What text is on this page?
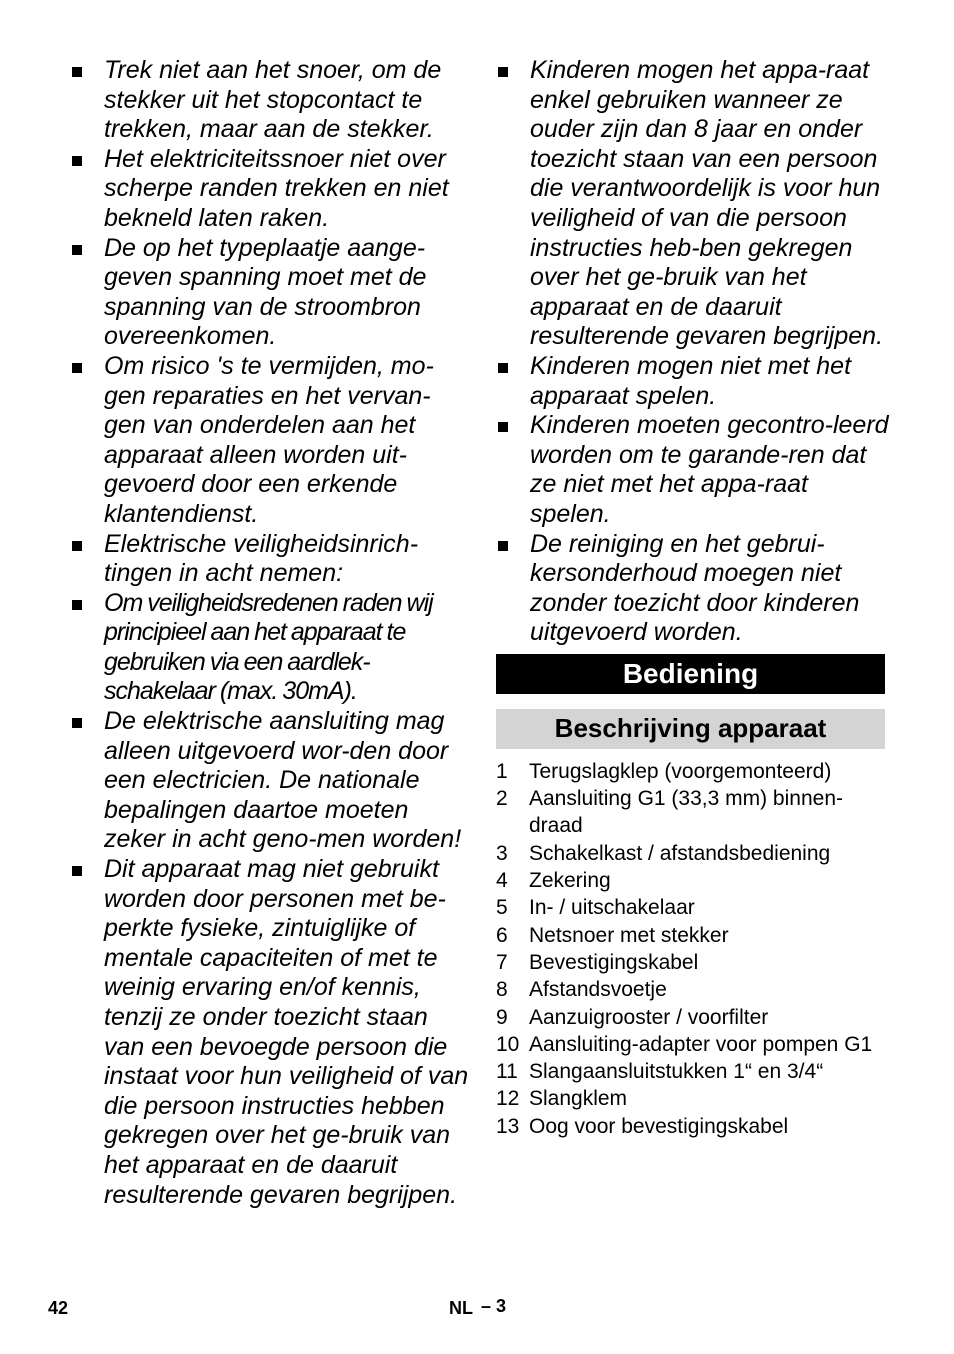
Trek niet aan het snoer, om de stekker uit het stopcontact te trekken, maar aan de stekker.
Het elektriciteitssnoer niet over scherpe randen trekken en niet bekneld laten raken.
De op het typeplaatje aange-geven spanning moet met de spanning van de stroombron overeenkomen.
Om risico 's te vermijden, mo-gen reparaties en het vervan-gen van onderdelen aan het apparaat alleen worden uit-gevoerd door een erkende klantendienst.
Elektrische veiligheidsinrich-tingen in acht nemen:
Om veiligheidsredenen raden wij principieel aan het apparaat te gebruiken via een aardlek-schakelaar (max. 30mA).
De elektrische aansluiting mag alleen uitgevoerd wor-den door een electricien. De nationale bepalingen daartoe moeten zeker in acht geno-men worden!
Dit apparaat mag niet gebruikt worden door personen met be-perkte fysieke, zintuiglijke of mentale capaciteiten of met te weinig ervaring en/of kennis, tenzij ze onder toezicht staan van een bevoegde persoon die instaat voor hun veiligheid of van die persoon instructies hebben gekregen over het ge-bruik van het apparaat en de daaruit resulterende gevaren begrijpen.
Kinderen mogen het appa-raat enkel gebruiken wanneer ze ouder zijn dan 8 jaar en onder toezicht staan van een persoon die verantwoordelijk is voor hun veiligheid of van die persoon instructies heb-ben gekregen over het ge-bruik van het apparaat en de daaruit resulterende gevaren begrijpen.
Kinderen mogen niet met het apparaat spelen.
Kinderen moeten gecontro-leerd worden om te garande-ren dat ze niet met het appa-raat spelen.
De reiniging en het gebrui-kersonderhoud moegen niet zonder toezicht door kinderen uitgevoerd worden.
Bediening
Beschrijving apparaat
1 Terugslagklep (voorgemonteerd)
2 Aansluiting G1 (33,3 mm) binnen-draad
3 Schakelkast / afstandsbediening
4 Zekering
5 In- / uitschakelaar
6 Netsnoer met stekker
7 Bevestigingskabel
8 Afstandsvoetje
9 Aanzuigrooster / voorfilter
10 Aansluiting-adapter voor pompen G1
11 Slangaansluitstukken 1“ en 3/4“
12 Slangklem
13 Oog voor bevestigingskabel
42	NL – 3
